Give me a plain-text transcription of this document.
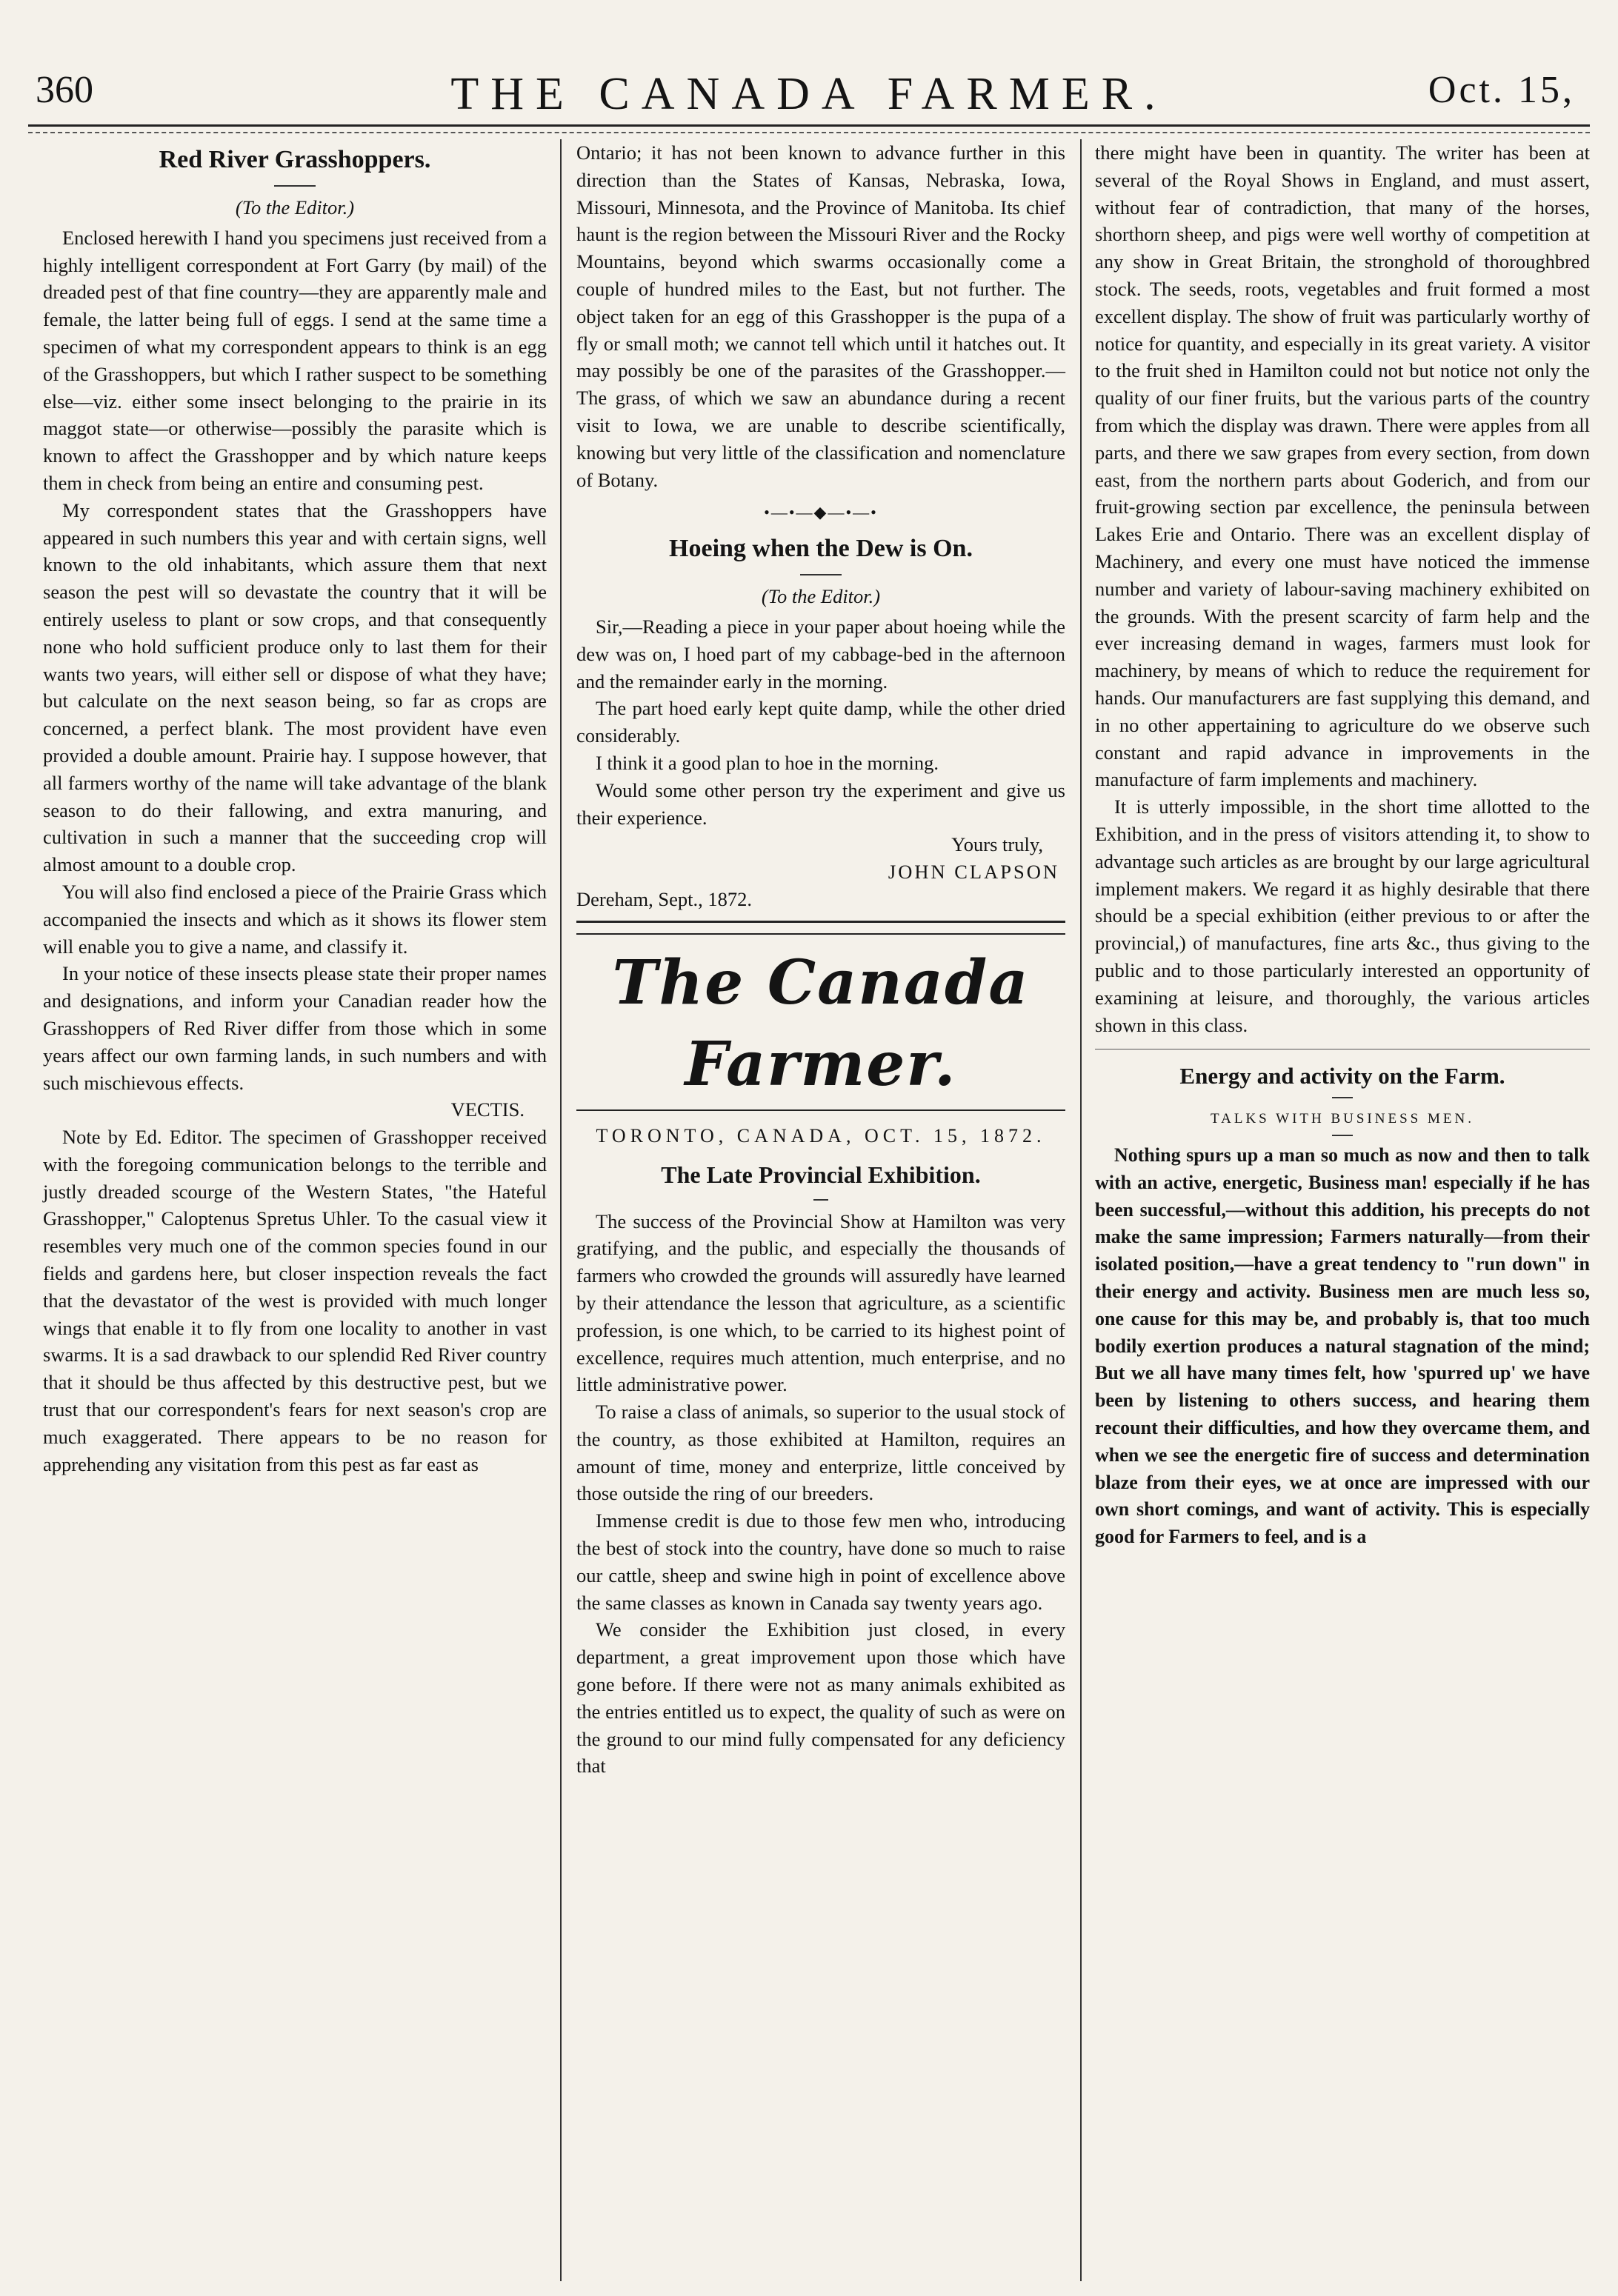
360	THE CANADA FARMER.	Oct. 15,
Red River Grasshoppers.

(To the Editor.)

Enclosed herewith I hand you specimens just received from a highly intelligent correspondent at Fort Garry (by mail) of the dreaded pest of that fine country—they are apparently male and female, the latter being full of eggs. I send at the same time a specimen of what my correspondent appears to think is an egg of the Grasshoppers, but which I rather suspect to be something else—viz. either some insect belonging to the prairie in its maggot state—or otherwise—possibly the parasite which is known to affect the Grasshopper and by which nature keeps them in check from being an entire and consuming pest.

My correspondent states that the Grasshoppers have appeared in such numbers this year and with certain signs, well known to the old inhabitants, which assure them that next season the pest will so devastate the country that it will be entirely useless to plant or sow crops, and that consequently none who hold sufficient produce only to last them for their wants two years, will either sell or dispose of what they have; but calculate on the next season being, so far as crops are concerned, a perfect blank. The most provident have even provided a double amount. Prairie hay. I suppose however, that all farmers worthy of the name will take advantage of the blank season to do their fallowing, and extra manuring, and cultivation in such a manner that the succeeding crop will almost amount to a double crop.

You will also find enclosed a piece of the Prairie Grass which accompanied the insects and which as it shows its flower stem will enable you to give a name, and classify it.

In your notice of these insects please state their proper names and designations, and inform your Canadian reader how the Grasshoppers of Red River differ from those which in some years affect our own farming lands, in such numbers and with such mischievous effects.

VECTIS.

Note by Ed. Editor. The specimen of Grasshopper received with the foregoing communication belongs to the terrible and justly dreaded scourge of the Western States, "the Hateful Grasshopper," Caloptenus Spretus Uhler. To the casual view it resembles very much one of the common species found in our fields and gardens here, but closer inspection reveals the fact that the devastator of the west is provided with much longer wings that enable it to fly from one locality to another in vast swarms. It is a sad drawback to our splendid Red River country that it should be thus affected by this destructive pest, but we trust that our correspondent's fears for next season's crop are much exaggerated. There appears to be no reason for apprehending any visitation from this pest as far east as

Ontario; it has not been known to advance further in this direction than the States of Kansas, Nebraska, Iowa, Missouri, Minnesota, and the Province of Manitoba. Its chief haunt is the region between the Missouri River and the Rocky Mountains, beyond which swarms occasionally come a couple of hundred miles to the East, but not further. The object taken for an egg of this Grasshopper is the pupa of a fly or small moth; we cannot tell which until it hatches out. It may possibly be one of the parasites of the Grasshopper.—The grass, of which we saw an abundance during a recent visit to Iowa, we are unable to describe scientifically, knowing but very little of the classification and nomenclature of Botany.

•—•—◆—•—•
Hoeing when the Dew is On.

(To the Editor.)

Sir,—Reading a piece in your paper about hoeing while the dew was on, I hoed part of my cabbage-bed in the afternoon and the remainder early in the morning.

The part hoed early kept quite damp, while the other dried considerably.

I think it a good plan to hoe in the morning.

Would some other person try the experiment and give us their experience.

Yours truly,

JOHN CLAPSON

Dereham, Sept., 1872.

The Canada Farmer.
TORONTO, CANADA, OCT. 15, 1872.
The Late Provincial Exhibition.

The success of the Provincial Show at Hamilton was very gratifying, and the public, and especially the thousands of farmers who crowded the grounds will assuredly have learned by their attendance the lesson that agriculture, as a scientific profession, is one which, to be carried to its highest point of excellence, requires much attention, much enterprise, and no little administrative power.

To raise a class of animals, so superior to the usual stock of the country, as those exhibited at Hamilton, requires an amount of time, money and enterprize, little conceived by those outside the ring of our breeders.

Immense credit is due to those few men who, introducing the best of stock into the country, have done so much to raise our cattle, sheep and swine high in point of excellence above the same classes as known in Canada say twenty years ago.

We consider the Exhibition just closed, in every department, a great improvement upon those which have gone before. If there were not as many animals exhibited as the entries entitled us to expect, the quality of such as were on the ground to our mind fully compensated for any deficiency that

there might have been in quantity. The writer has been at several of the Royal Shows in England, and must assert, without fear of contradiction, that many of the horses, shorthorn sheep, and pigs were well worthy of competition at any show in Great Britain, the stronghold of thoroughbred stock. The seeds, roots, vegetables and fruit formed a most excellent display. The show of fruit was particularly worthy of notice for quantity, and especially in its great variety. A visitor to the fruit shed in Hamilton could not but notice not only the quality of our finer fruits, but the various parts of the country from which the display was drawn. There were apples from all parts, and there we saw grapes from every section, from down east, from the northern parts about Goderich, and from our fruit-growing section par excellence, the peninsula between Lakes Erie and Ontario. There was an excellent display of Machinery, and every one must have noticed the immense number and variety of labour-saving machinery exhibited on the grounds. With the present scarcity of farm help and the ever increasing demand in wages, farmers must look for machinery, by means of which to reduce the requirement for hands. Our manufacturers are fast supplying this demand, and in no other appertaining to agriculture do we observe such constant and rapid advance in improvements in the manufacture of farm implements and machinery.

It is utterly impossible, in the short time allotted to the Exhibition, and in the press of visitors attending it, to show to advantage such articles as are brought by our large agricultural implement makers. We regard it as highly desirable that there should be a special exhibition (either previous to or after the provincial,) of manufactures, fine arts &c., thus giving to the public and to those particularly interested an opportunity of examining at leisure, and thoroughly, the various articles shown in this class.

Energy and activity on the Farm.
TALKS WITH BUSINESS MEN.

Nothing spurs up a man so much as now and then to talk with an active, energetic, Business man! especially if he has been successful,—without this addition, his precepts do not make the same impression; Farmers naturally—from their isolated position,—have a great tendency to "run down" in their energy and activity. Business men are much less so, one cause for this may be, and probably is, that too much bodily exertion produces a natural stagnation of the mind; But we all have many times felt, how 'spurred up' we have been by listening to others success, and hearing them recount their difficulties, and how they overcame them, and when we see the energetic fire of success and determination blaze from their eyes, we at once are impressed with our own short comings, and want of activity. This is especially good for Farmers to feel, and is a
